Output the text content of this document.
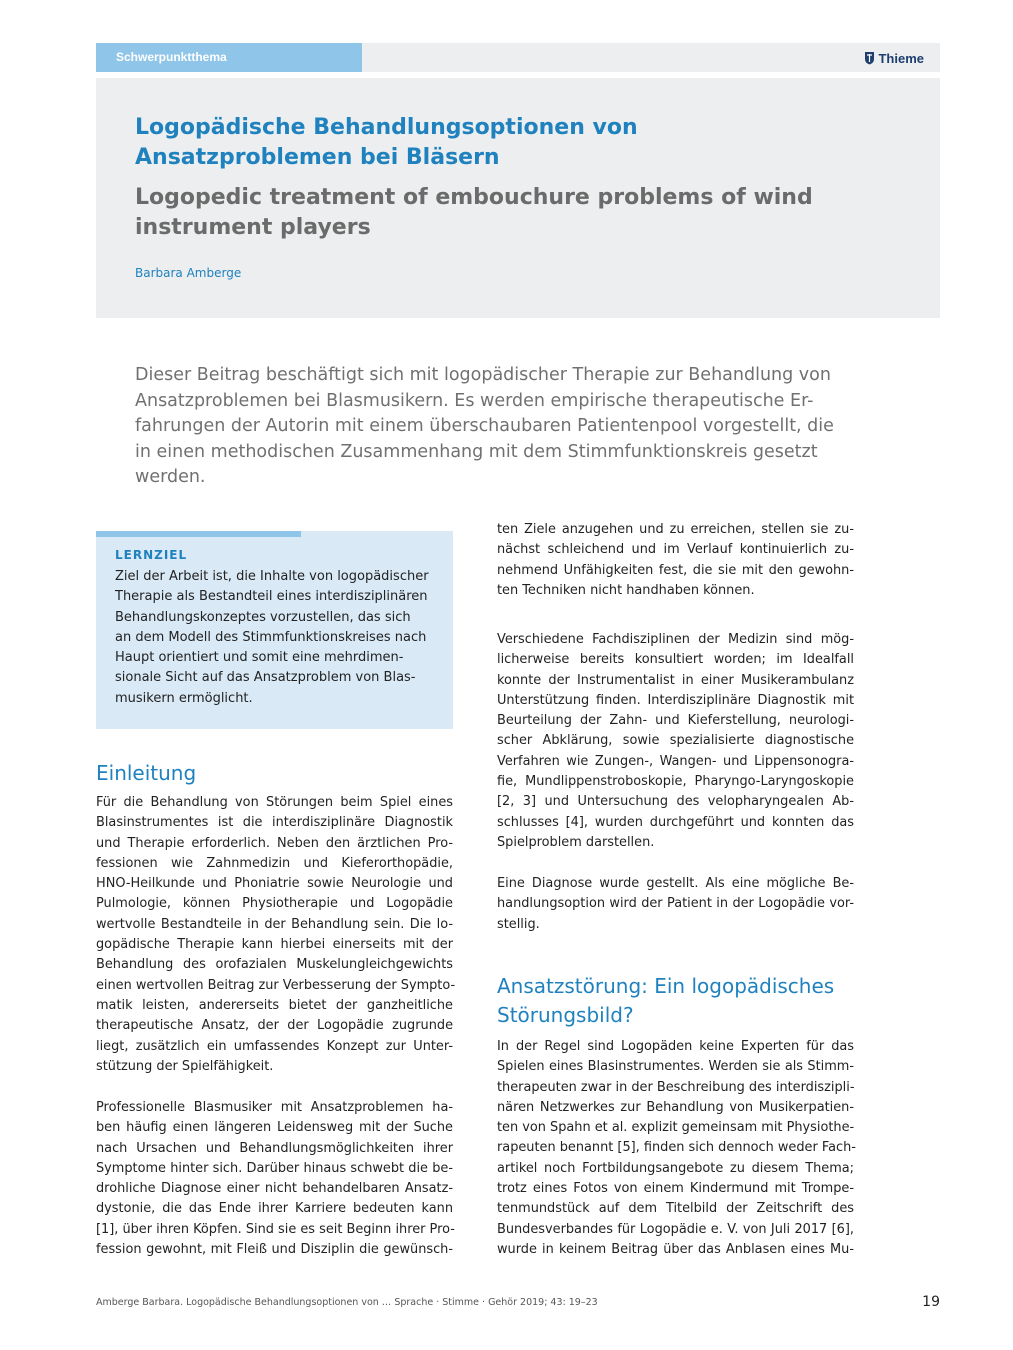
Schwerpunktthema	Thieme
Logopädische Behandlungsoptionen von Ansatzproblemen bei Bläsern
Logopedic treatment of embouchure problems of wind instrument players
Barbara Amberge

Dieser Beitrag beschäftigt sich mit logopädischer Therapie zur Behandlung von
Ansatzproblemen bei Blasmusikern. Es werden empirische therapeutische Er-
fahrungen der Autorin mit einem überschaubaren Patientenpool vorgestellt, die
in einen methodischen Zusammenhang mit dem Stimmfunktionskreis gesetzt
werden.

LERNZIEL
Ziel der Arbeit ist, die Inhalte von logopädischer
Therapie als Bestandteil eines interdisziplinären
Behandlungskonzeptes vorzustellen, das sich
an dem Modell des Stimmfunktionskreises nach
Haupt orientiert und somit eine mehrdimen-
sionale Sicht auf das Ansatzproblem von Blas-
musikern ermöglicht.
Einleitung
Für die Behandlung von Störungen beim Spiel eines
Blasinstrumentes ist die interdisziplinäre Diagnostik
und Therapie erforderlich. Neben den ärztlichen Pro-
fessionen wie Zahnmedizin und Kieferorthopädie,
HNO-Heilkunde und Phoniatrie sowie Neurologie und
Pulmologie, können Physiotherapie und Logopädie
wertvolle Bestandteile in der Behandlung sein. Die lo-
gopädische Therapie kann hierbei einerseits mit der
Behandlung des orofazialen Muskelungleichgewichts
einen wertvollen Beitrag zur Verbesserung der Sympto-
matik leisten, andererseits bietet der ganzheitliche
therapeutische Ansatz, der der Logopädie zugrunde
liegt, zusätzlich ein umfassendes Konzept zur Unter-
stützung der Spielfähigkeit.
Professionelle Blasmusiker mit Ansatzproblemen ha-
ben häufig einen längeren Leidensweg mit der Suche
nach Ursachen und Behandlungsmöglichkeiten ihrer
Symptome hinter sich. Darüber hinaus schwebt die be-
drohliche Diagnose einer nicht behandelbaren Ansatz-
dystonie, die das Ende ihrer Karriere bedeuten kann
[1], über ihren Köpfen. Sind sie es seit Beginn ihrer Pro-
fession gewohnt, mit Fleiß und Disziplin die gewünsch-
ten Ziele anzugehen und zu erreichen, stellen sie zu-
nächst schleichend und im Verlauf kontinuierlich zu-
nehmend Unfähigkeiten fest, die sie mit den gewohn-
ten Techniken nicht handhaben können.
Verschiedene Fachdisziplinen der Medizin sind mög-
licherweise bereits konsultiert worden; im Idealfall
konnte der Instrumentalist in einer Musikerambulanz
Unterstützung finden. Interdisziplinäre Diagnostik mit
Beurteilung der Zahn- und Kieferstellung, neurologi-
scher Abklärung, sowie spezialisierte diagnostische
Verfahren wie Zungen-, Wangen- und Lippensonogra-
fie, Mundlippenstroboskopie, Pharyngo-Laryngoskopie
[2, 3] und Untersuchung des velopharyngealen Ab-
schlusses [4], wurden durchgeführt und konnten das
Spielproblem darstellen.
Eine Diagnose wurde gestellt. Als eine mögliche Be-
handlungsoption wird der Patient in der Logopädie vor-
stellig.
Ansatzstörung: Ein logopädisches
Störungsbild?
In der Regel sind Logopäden keine Experten für das
Spielen eines Blasinstrumentes. Werden sie als Stimm-
therapeuten zwar in der Beschreibung des interdiszipli-
nären Netzwerkes zur Behandlung von Musikerpatien-
ten von Spahn et al. explizit gemeinsam mit Physiothe-
rapeuten benannt [5], finden sich dennoch weder Fach-
artikel noch Fortbildungsangebote zu diesem Thema;
trotz eines Fotos von einem Kindermund mit Trompe-
tenmundstück auf dem Titelbild der Zeitschrift des
Bundesverbandes für Logopädie e. V. von Juli 2017 [6],
wurde in keinem Beitrag über das Anblasen eines Mu-
Amberge Barbara. Logopädische Behandlungsoptionen von … Sprache · Stimme · Gehör 2019; 43: 19–23	19
